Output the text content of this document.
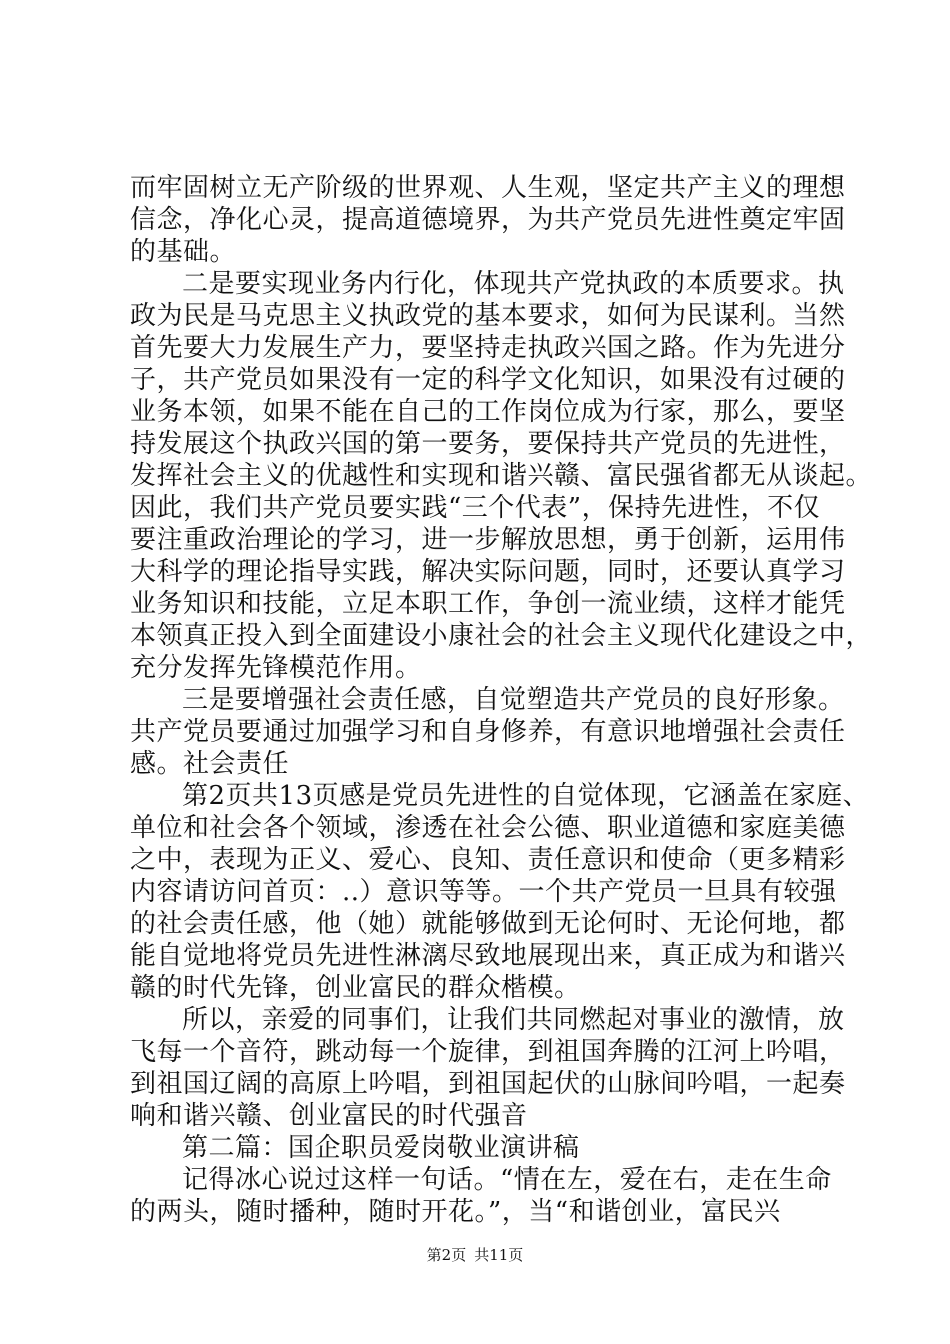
而牢固树立无产阶级的世界观、人生观，坚定共产主义的理想
信念，净化心灵，提高道德境界，为共产党员先进性奠定牢固
的基础。
二是要实现业务内行化，体现共产党执政的本质要求。执
政为民是马克思主义执政党的基本要求，如何为民谋利。当然
首先要大力发展生产力，要坚持走执政兴国之路。作为先进分
子，共产党员如果没有一定的科学文化知识，如果没有过硬的
业务本领，如果不能在自己的工作岗位成为行家，那么，要坚
持发展这个执政兴国的第一要务，要保持共产党员的先进性，
发挥社会主义的优越性和实现和谐兴赣、富民强省都无从谈起。
因此，我们共产党员要实践“三个代表”，保持先进性，不仅
要注重政治理论的学习，进一步解放思想，勇于创新，运用伟
大科学的理论指导实践，解决实际问题，同时，还要认真学习
业务知识和技能，立足本职工作，争创一流业绩，这样才能凭
本领真正投入到全面建设小康社会的社会主义现代化建设之中，
充分发挥先锋模范作用。
三是要增强社会责任感，自觉塑造共产党员的良好形象。
共产党员要通过加强学习和自身修养，有意识地增强社会责任
感。社会责任
第2页共13页感是党员先进性的自觉体现，它涵盖在家庭、
单位和社会各个领域，渗透在社会公德、职业道德和家庭美德
之中，表现为正义、爱心、良知、责任意识和使命（更多精彩
内容请访问首页：..）意识等等。一个共产党员一旦具有较强
的社会责任感，他（她）就能够做到无论何时、无论何地，都
能自觉地将党员先进性淋漓尽致地展现出来，真正成为和谐兴
赣的时代先锋，创业富民的群众楷模。
所以，亲爱的同事们，让我们共同燃起对事业的激情，放
飞每一个音符，跳动每一个旋律，到祖国奔腾的江河上吟唱，
到祖国辽阔的高原上吟唱，到祖国起伏的山脉间吟唱，一起奏
响和谐兴赣、创业富民的时代强音
第二篇：国企职员爱岗敬业演讲稿
记得冰心说过这样一句话。“情在左，爱在右，走在生命
的两头，随时播种，随时开花。”，当“和谐创业，富民兴
第2页 共11页
